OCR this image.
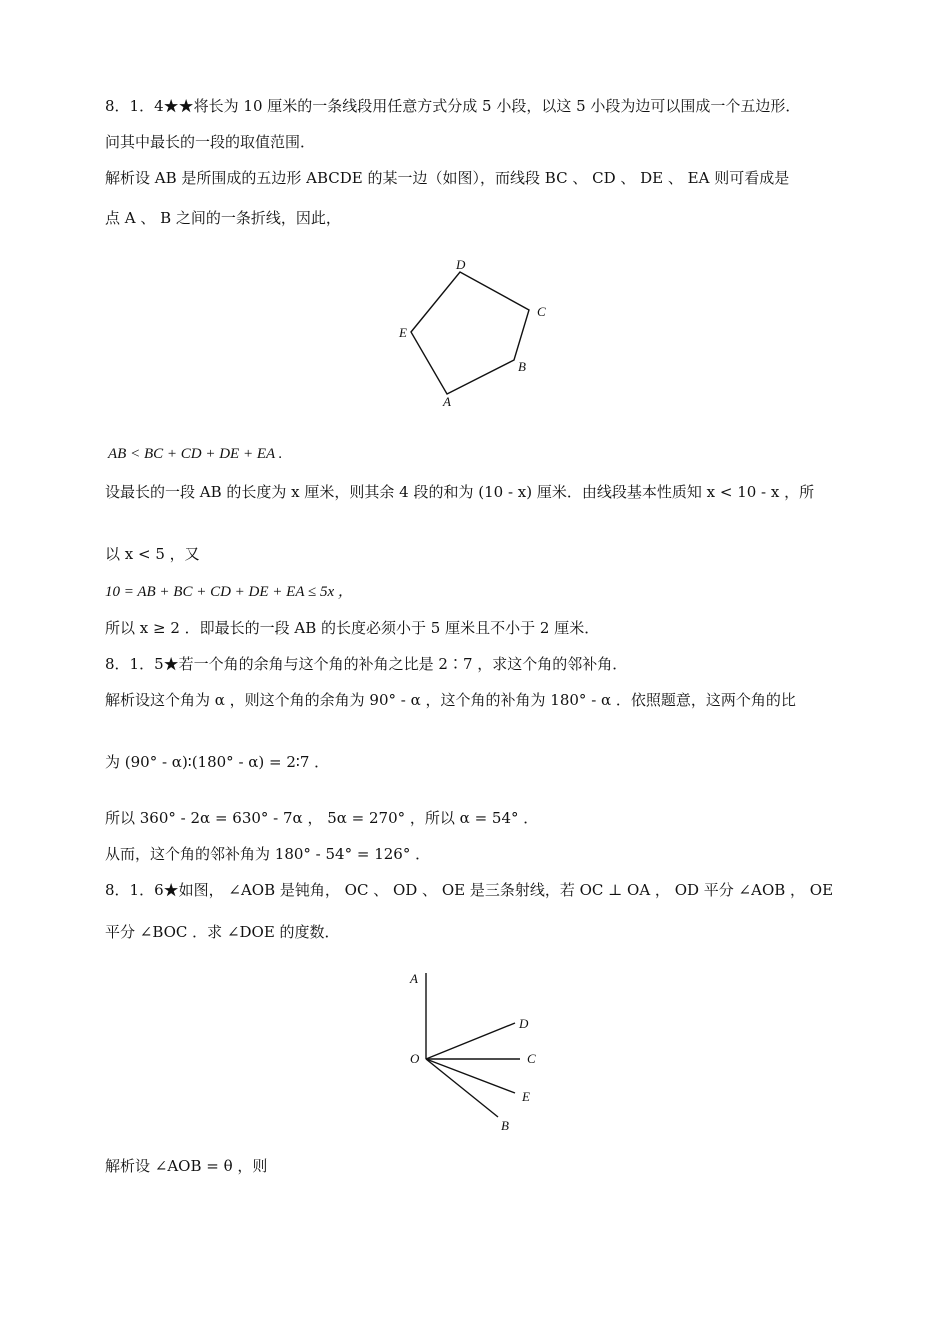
8．1．4★★将长为 10 厘米的一条线段用任意方式分成 5 小段，以这 5 小段为边可以围成一个五边形．
问其中最长的一段的取值范围．
解析设 AB 是所围成的五边形 ABCDE 的某一边（如图），而线段 BC 、 CD 、 DE 、 EA 则可看成是
点 A 、 B 之间的一条折线，因此，
A
B
C
D
E
AB < BC + CD + DE + EA .
设最长的一段 AB 的长度为 x 厘米，则其余 4 段的和为 (10 - x) 厘米．由线段基本性质知 x < 10 - x ，所
以 x < 5 ，又
10 = AB + BC + CD + DE + EA ≤ 5x ，
所以 x ≥ 2 ．即最长的一段 AB 的长度必须小于 5 厘米且不小于 2 厘米．
8．1．5★若一个角的余角与这个角的补角之比是 2∶7 ，求这个角的邻补角．
解析设这个角为 α ，则这个角的余角为 90° - α ，这个角的补角为 180° - α ．依照题意，这两个角的比
为 (90° - α)∶(180° - α) = 2∶7 ．
所以 360° - 2α = 630° - 7α ， 5α = 270° ，所以 α = 54° ．
从而，这个角的邻补角为 180° - 54° = 126° ．
8．1．6★如图， ∠AOB 是钝角， OC 、 OD 、 OE 是三条射线，若 OC ⊥ OA ， OD 平分 ∠AOB ， OE
平分 ∠BOC ．求 ∠DOE 的度数．
A
D
O	C
E
B
解析设 ∠AOB = θ ，则
